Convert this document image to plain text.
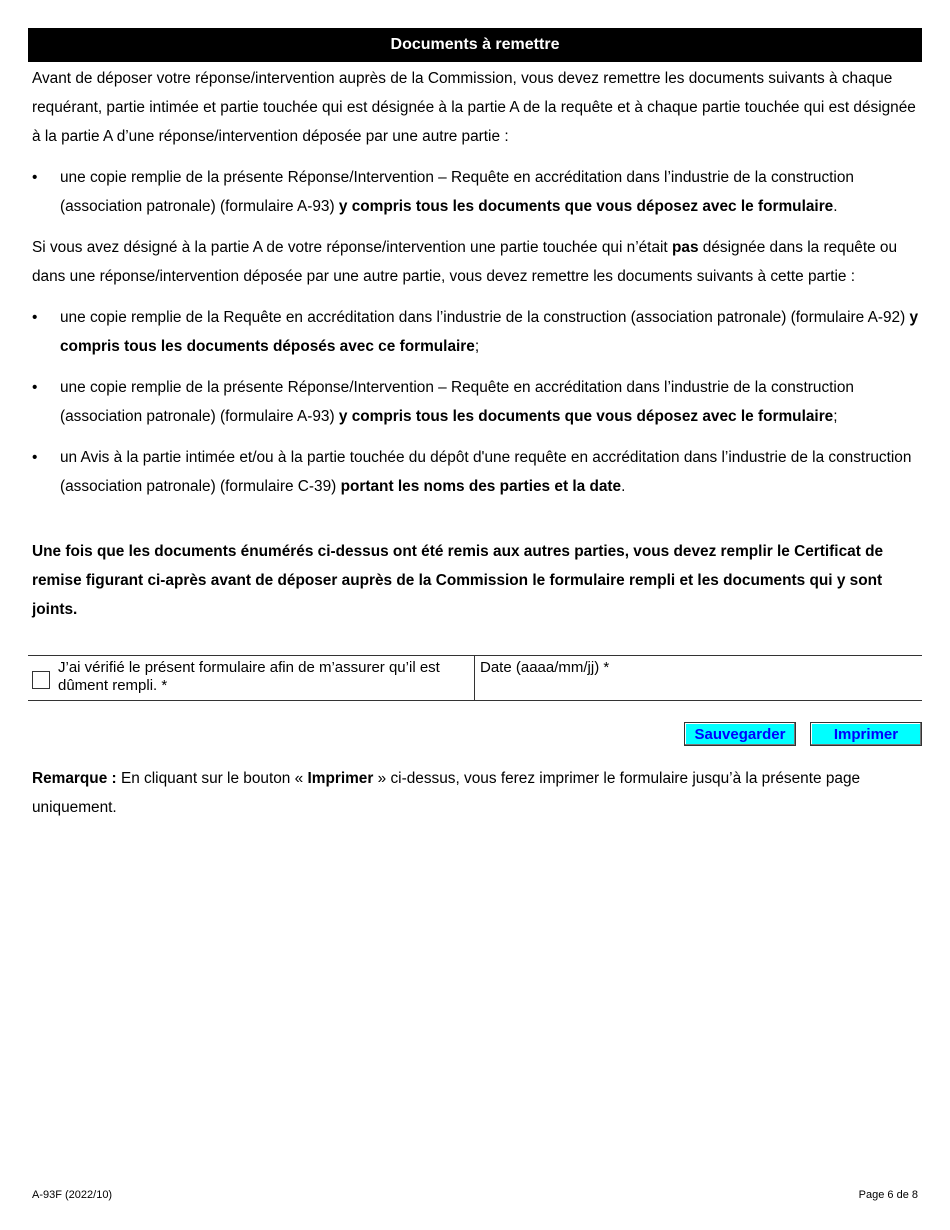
Documents à remettre

Avant de déposer votre réponse/intervention auprès de la Commission, vous devez remettre les documents suivants à chaque requérant, partie intimée et partie touchée qui est désignée à la partie A de la requête et à chaque partie touchée qui est désignée à la partie A d’une réponse/intervention déposée par une autre partie :

• une copie remplie de la présente Réponse/Intervention – Requête en accréditation dans l’industrie de la construction (association patronale) (formulaire A-93) y compris tous les documents que vous déposez avec le formulaire.

Si vous avez désigné à la partie A de votre réponse/intervention une partie touchée qui n’était pas désignée dans la requête ou dans une réponse/intervention déposée par une autre partie, vous devez remettre les documents suivants à cette partie :

• une copie remplie de la Requête en accréditation dans l’industrie de la construction (association patronale) (formulaire A-92) y compris tous les documents déposés avec ce formulaire;
• une copie remplie de la présente Réponse/Intervention – Requête en accréditation dans l’industrie de la construction (association patronale) (formulaire A-93) y compris tous les documents que vous déposez avec le formulaire;
• un Avis à la partie intimée et/ou à la partie touchée du dépôt d'une requête en accréditation dans l’industrie de la construction (association patronale) (formulaire C-39) portant les noms des parties et la date.

Une fois que les documents énumérés ci-dessus ont été remis aux autres parties, vous devez remplir le Certificat de remise figurant ci-après avant de déposer auprès de la Commission le formulaire rempli et les documents qui y sont joints.

J’ai vérifié le présent formulaire afin de m’assurer qu’il est dûment rempli. *
Date (aaaa/mm/jj) *
Sauvegarder	Imprimer

Remarque : En cliquant sur le bouton « Imprimer » ci-dessus, vous ferez imprimer le formulaire jusqu’à la présente page uniquement.

A-93F (2022/10)	Page 6 de 8
